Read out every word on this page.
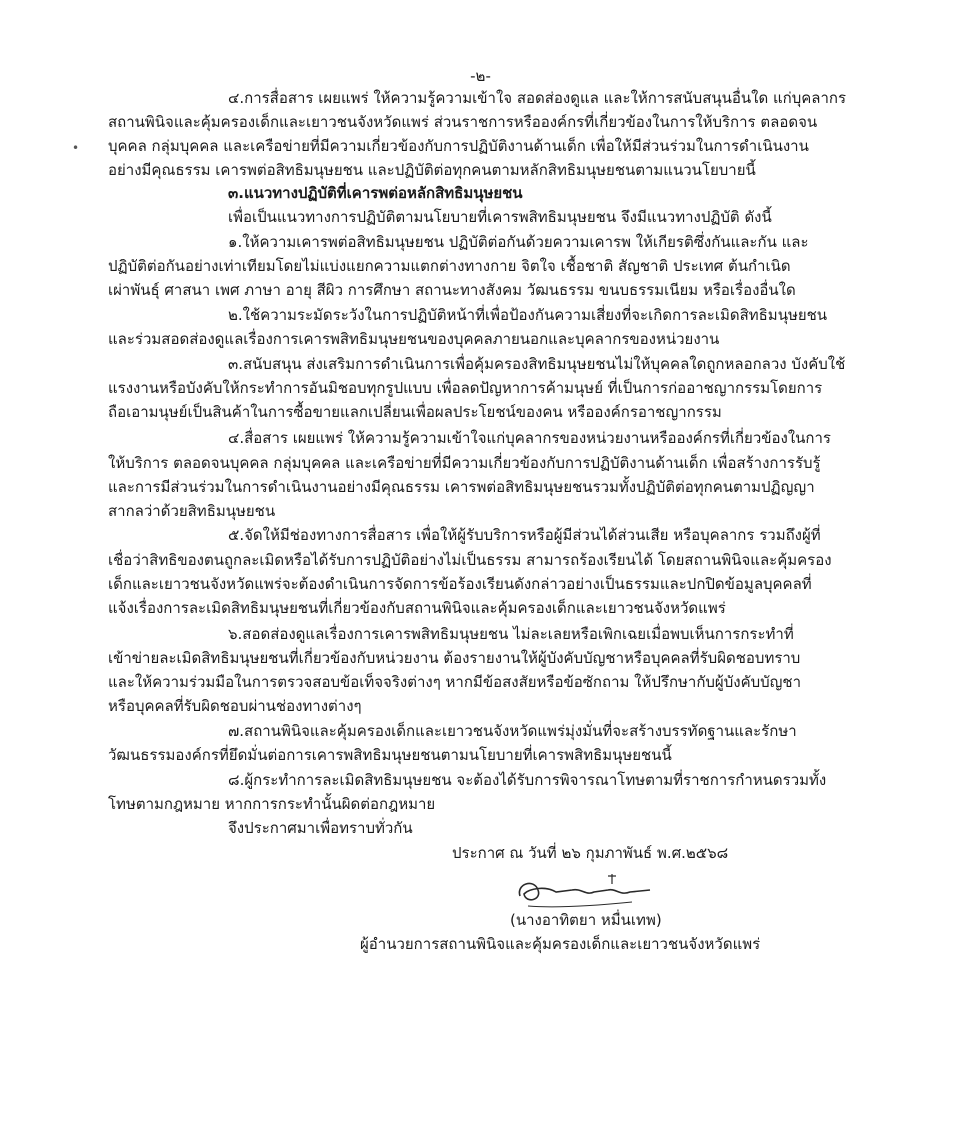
-๒-
•
๔.การสื่อสาร เผยแพร่ ให้ความรู้ความเข้าใจ สอดส่องดูแล และให้การสนับสนุนอื่นใด แก่บุคลากร
สถานพินิจและคุ้มครองเด็กและเยาวชนจังหวัดแพร่ ส่วนราชการหรือองค์กรที่เกี่ยวข้องในการให้บริการ ตลอดจน
บุคคล กลุ่มบุคคล และเครือข่ายที่มีความเกี่ยวข้องกับการปฏิบัติงานด้านเด็ก เพื่อให้มีส่วนร่วมในการดำเนินงาน
อย่างมีคุณธรรม เคารพต่อสิทธิมนุษยชน และปฏิบัติต่อทุกคนตามหลักสิทธิมนุษยชนตามแนวนโยบายนี้
๓.แนวทางปฏิบัติที่เคารพต่อหลักสิทธิมนุษยชน
เพื่อเป็นแนวทางการปฏิบัติตามนโยบายที่เคารพสิทธิมนุษยชน จึงมีแนวทางปฏิบัติ ดังนี้
๑.ให้ความเคารพต่อสิทธิมนุษยชน ปฏิบัติต่อกันด้วยความเคารพ ให้เกียรติซึ่งกันและกัน และ
ปฏิบัติต่อกันอย่างเท่าเทียมโดยไม่แบ่งแยกความแตกต่างทางกาย จิตใจ เชื้อชาติ สัญชาติ ประเทศ ต้นกำเนิด
เผ่าพันธุ์ ศาสนา เพศ ภาษา อายุ สีผิว การศึกษา สถานะทางสังคม วัฒนธรรม ขนบธรรมเนียม หรือเรื่องอื่นใด
๒.ใช้ความระมัดระวังในการปฏิบัติหน้าที่เพื่อป้องกันความเสี่ยงที่จะเกิดการละเมิดสิทธิมนุษยชน
และร่วมสอดส่องดูแลเรื่องการเคารพสิทธิมนุษยชนของบุคคลภายนอกและบุคลากรของหน่วยงาน
๓.สนับสนุน ส่งเสริมการดำเนินการเพื่อคุ้มครองสิทธิมนุษยชนไม่ให้บุคคลใดถูกหลอกลวง บังคับใช้
แรงงานหรือบังคับให้กระทำการอันมิชอบทุกรูปแบบ เพื่อลดปัญหาการค้ามนุษย์ ที่เป็นการก่ออาชญากรรมโดยการ
ถือเอามนุษย์เป็นสินค้าในการซื้อขายแลกเปลี่ยนเพื่อผลประโยชน์ของคน หรือองค์กรอาชญากรรม
๔.สื่อสาร เผยแพร่ ให้ความรู้ความเข้าใจแก่บุคลากรของหน่วยงานหรือองค์กรที่เกี่ยวข้องในการ
ให้บริการ ตลอดจนบุคคล กลุ่มบุคคล และเครือข่ายที่มีความเกี่ยวข้องกับการปฏิบัติงานด้านเด็ก เพื่อสร้างการรับรู้
และการมีส่วนร่วมในการดำเนินงานอย่างมีคุณธรรม เคารพต่อสิทธิมนุษยชนรวมทั้งปฏิบัติต่อทุกคนตามปฏิญญา
สากลว่าด้วยสิทธิมนุษยชน
๕.จัดให้มีช่องทางการสื่อสาร เพื่อให้ผู้รับบริการหรือผู้มีส่วนได้ส่วนเสีย หรือบุคลากร รวมถึงผู้ที่
เชื่อว่าสิทธิของตนถูกละเมิดหรือได้รับการปฏิบัติอย่างไม่เป็นธรรม สามารถร้องเรียนได้ โดยสถานพินิจและคุ้มครอง
เด็กและเยาวชนจังหวัดแพร่จะต้องดำเนินการจัดการข้อร้องเรียนดังกล่าวอย่างเป็นธรรมและปกปิดข้อมูลบุคคลที่
แจ้งเรื่องการละเมิดสิทธิมนุษยชนที่เกี่ยวข้องกับสถานพินิจและคุ้มครองเด็กและเยาวชนจังหวัดแพร่
๖.สอดส่องดูแลเรื่องการเคารพสิทธิมนุษยชน ไม่ละเลยหรือเพิกเฉยเมื่อพบเห็นการกระทำที่
เข้าข่ายละเมิดสิทธิมนุษยชนที่เกี่ยวข้องกับหน่วยงาน ต้องรายงานให้ผู้บังคับบัญชาหรือบุคคลที่รับผิดชอบทราบ
และให้ความร่วมมือในการตรวจสอบข้อเท็จจริงต่างๆ หากมีข้อสงสัยหรือข้อซักถาม ให้ปรึกษากับผู้บังคับบัญชา
หรือบุคคลที่รับผิดชอบผ่านช่องทางต่างๆ
๗.สถานพินิจและคุ้มครองเด็กและเยาวชนจังหวัดแพร่มุ่งมั่นที่จะสร้างบรรทัดฐานและรักษา
วัฒนธรรมองค์กรที่ยึดมั่นต่อการเคารพสิทธิมนุษยชนตามนโยบายที่เคารพสิทธิมนุษยชนนี้
๘.ผู้กระทำการละเมิดสิทธิมนุษยชน จะต้องได้รับการพิจารณาโทษตามที่ราชการกำหนดรวมทั้ง
โทษตามกฎหมาย หากการกระทำนั้นผิดต่อกฎหมาย
จึงประกาศมาเพื่อทราบทั่วกัน
ประกาศ ณ วันที่ ๒๖ กุมภาพันธ์ พ.ศ.๒๕๖๘
(นางอาทิตยา หมื่นเทพ)
ผู้อำนวยการสถานพินิจและคุ้มครองเด็กและเยาวชนจังหวัดแพร่
